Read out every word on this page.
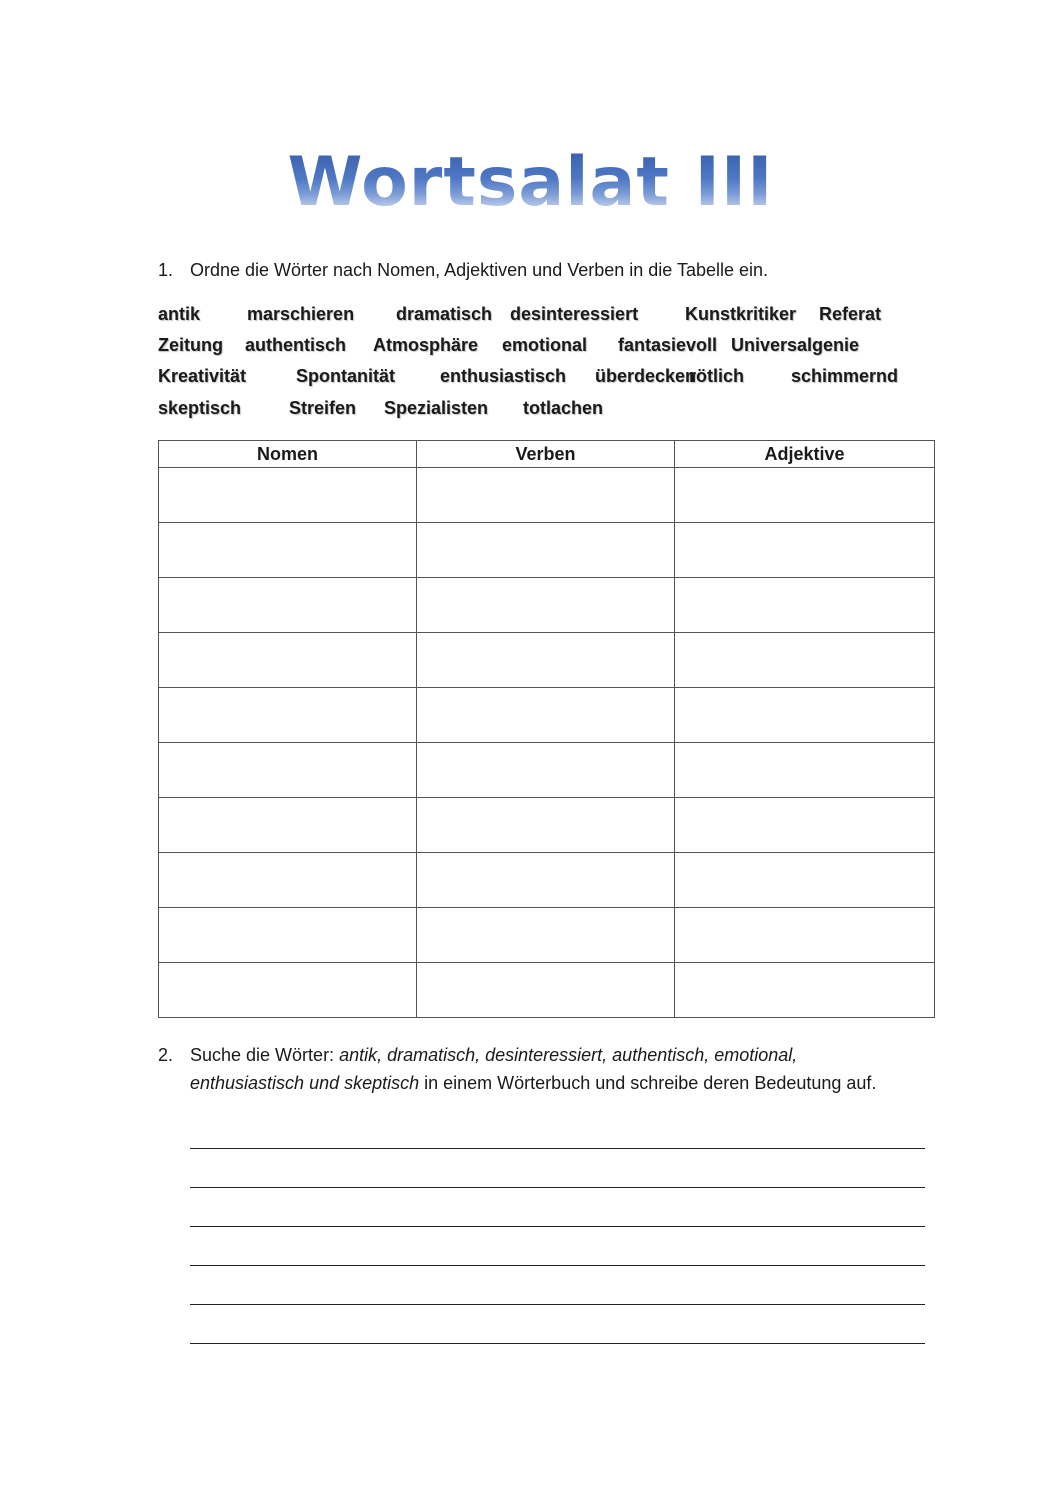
Wortsalat III
1. Ordne die Wörter nach Nomen, Adjektiven und Verben in die Tabelle ein.
antik	marschieren dramatisch desinteressiert	Kunstkritiker Referat
Zeitung authentisch Atmosphäre emotional fantasievoll Universalgenie
Kreativität	Spontanität	enthusiastisch überdecken
rötlich	schimmernd
skeptisch	Streifen Spezialisten totlachen
Nomen	Verben	Adjektive

2. Suche die Wörter: antik, dramatisch, desinteressiert, authentisch, emotional,
enthusiastisch und skeptisch in einem Wörterbuch und schreibe deren Bedeutung auf.
